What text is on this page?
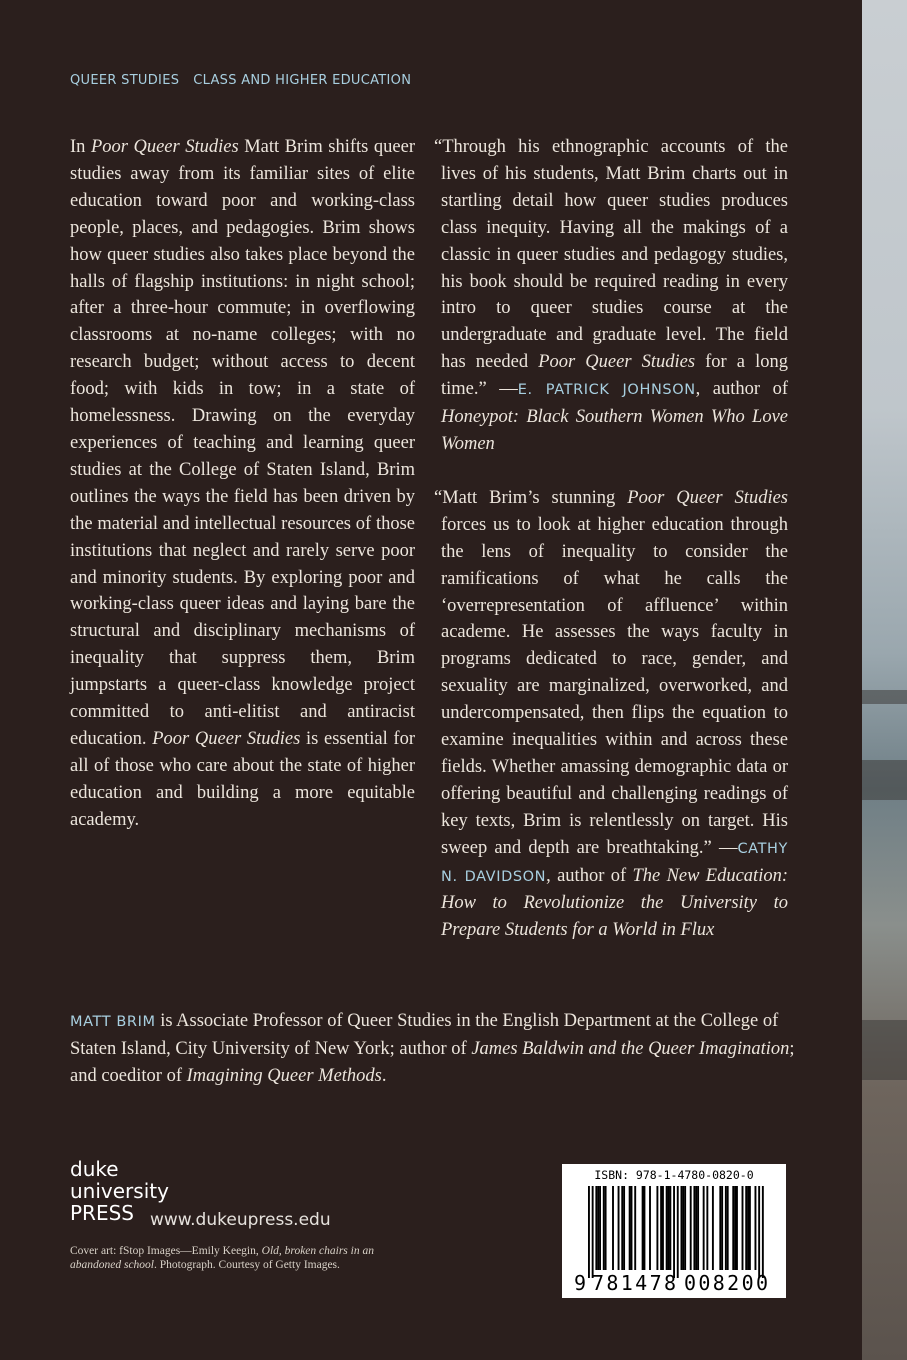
QUEER STUDIES CLASS AND HIGHER EDUCATION

In Poor Queer Studies Matt Brim shifts queer studies away from its familiar sites of elite education toward poor and working-class people, places, and pedagogies. Brim shows how queer studies also takes place beyond the halls of flagship institutions: in night school; after a three-hour commute; in overflowing classrooms at no-name colleges; with no research budget; without access to decent food; with kids in tow; in a state of homelessness. Drawing on the everyday experiences of teaching and learning queer studies at the College of Staten Island, Brim outlines the ways the field has been driven by the material and intellectual resources of those institutions that neglect and rarely serve poor and minority students. By exploring poor and working-class queer ideas and laying bare the structural and disciplinary mechanisms of inequality that suppress them, Brim jumpstarts a queer-class knowledge project committed to anti-elitist and antiracist education. Poor Queer Studies is essential for all of those who care about the state of higher education and building a more equitable academy.

“Through his ethnographic accounts of the lives of his students, Matt Brim charts out in startling detail how queer studies produces class inequity. Having all the makings of a classic in queer studies and pedagogy studies, his book should be required reading in every intro to queer studies course at the undergraduate and graduate level. The field has needed Poor Queer Studies for a long time.” —E. PATRICK JOHNSON, author of Honeypot: Black Southern Women Who Love Women

“Matt Brim’s stunning Poor Queer Studies forces us to look at higher education through the lens of inequality to consider the ramifications of what he calls the ‘overrepresentation of affluence’ within academe. He assesses the ways faculty in programs dedicated to race, gender, and sexuality are marginalized, overworked, and undercompensated, then flips the equation to examine inequalities within and across these fields. Whether amassing demographic data or offering beautiful and challenging readings of key texts, Brim is relentlessly on target. His sweep and depth are breathtaking.” —CATHY N. DAVIDSON, author of The New Education: How to Revolutionize the University to Prepare Students for a World in Flux

MATT BRIM is Associate Professor of Queer Studies in the English Department at the College of Staten Island, City University of New York; author of James Baldwin and the Queer Imagination; and coeditor of Imagining Queer Methods.

duke
university
PRESS www.dukeupress.edu
Cover art: fStop Images—Emily Keegin, Old, broken chairs in an abandoned school. Photograph. Courtesy of Getty Images.
ISBN: 978-1-4780-0820-0
9 781478 008200
